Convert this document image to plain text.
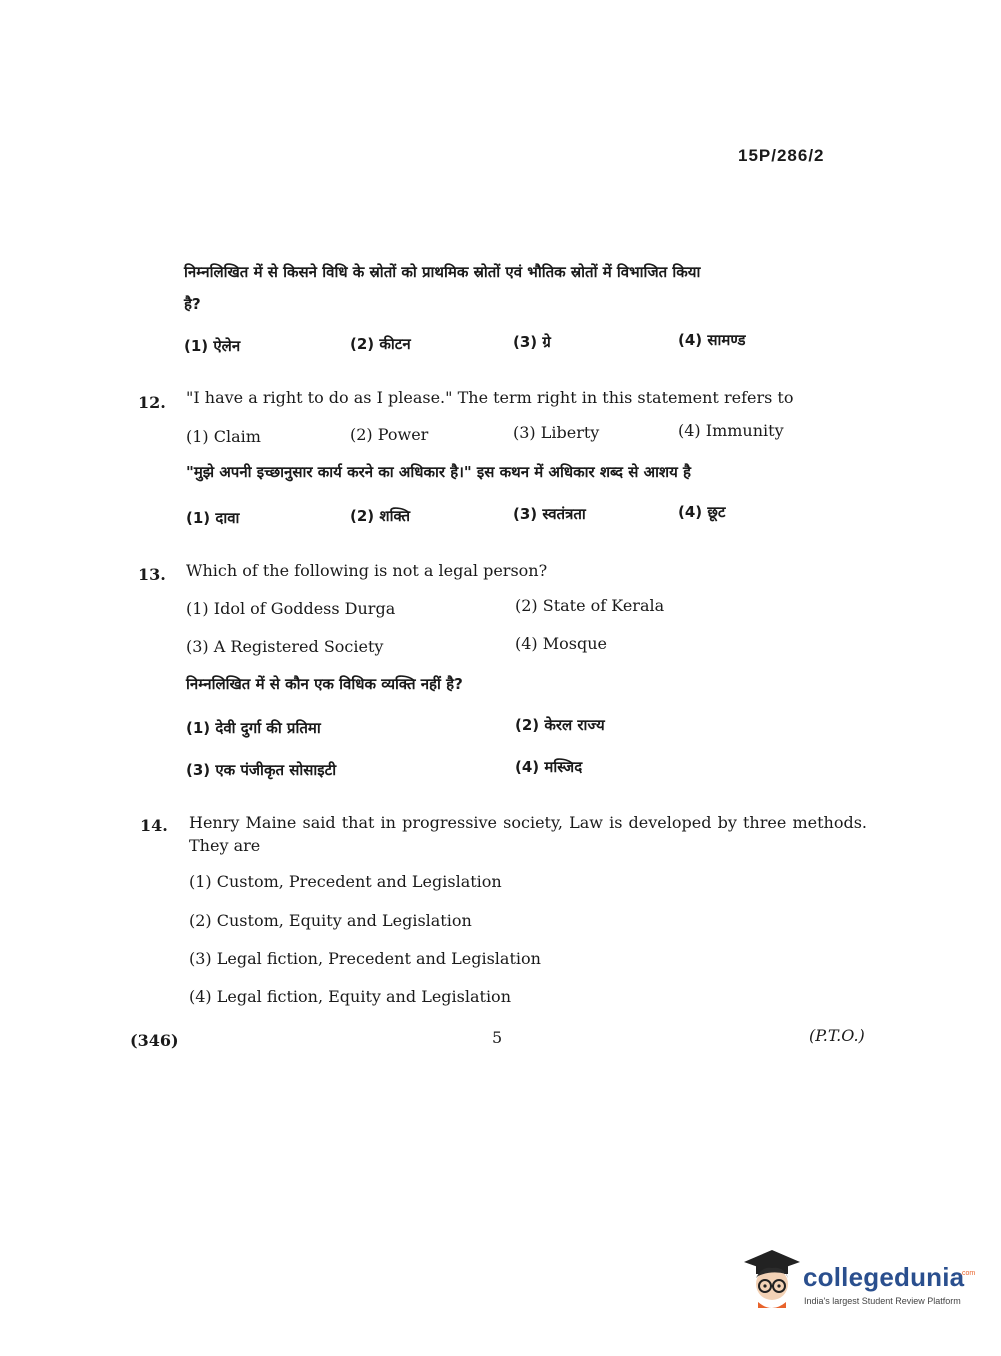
15P/286/2
निम्नलिखित में से किसने विधि के स्रोतों को प्राथमिक स्रोतों एवं भौतिक स्रोतों में विभाजित किया
है?
(1) ऐलेन	(2) कीटन	(3) ग्रे	(4) सामण्ड
12. "I have a right to do as I please." The term right in this statement refers to
(1) Claim	(2) Power	(3) Liberty	(4) Immunity
"मुझे अपनी इच्छानुसार कार्य करने का अधिकार है।" इस कथन में अधिकार शब्द से आशय है
(1) दावा	(2) शक्ति	(3) स्वतंत्रता	(4) छूट
13. Which of the following is not a legal person?
(1) Idol of Goddess Durga	(2) State of Kerala
(3) A Registered Society	(4) Mosque
निम्नलिखित में से कौन एक विधिक व्यक्ति नहीं है?
(1) देवी दुर्गा की प्रतिमा	(2) केरल राज्य
(3) एक पंजीकृत सोसाइटी	(4) मस्जिद
14. Henry Maine said that in progressive society, Law is developed by three methods. They are
(1) Custom, Precedent and Legislation
(2) Custom, Equity and Legislation
(3) Legal fiction, Precedent and Legislation
(4) Legal fiction, Equity and Legislation
(346)	5	(P.T.O.)
collegedunia
.com
India's largest Student Review Platform
